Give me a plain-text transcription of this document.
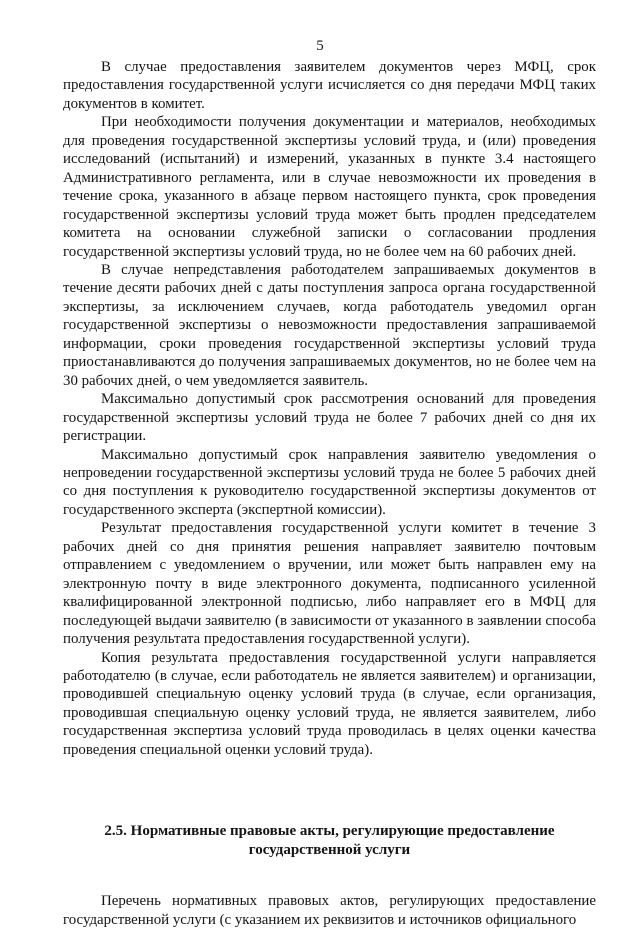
5

В случае предоставления заявителем документов через МФЦ, срок предоставления государственной услуги исчисляется со дня передачи МФЦ таких документов в комитет.

При необходимости получения документации и материалов, необходимых для проведения государственной экспертизы условий труда, и (или) проведения исследований (испытаний) и измерений, указанных в пункте 3.4 настоящего Административного регламента, или в случае невозможности их проведения в течение срока, указанного в абзаце первом настоящего пункта, срок проведения государственной экспертизы условий труда может быть продлен председателем комитета на основании служебной записки о согласовании продления государственной экспертизы условий труда, но не более чем на 60 рабочих дней.

В случае непредставления работодателем запрашиваемых документов в течение десяти рабочих дней с даты поступления запроса органа государственной экспертизы, за исключением случаев, когда работодатель уведомил орган государственной экспертизы о невозможности предоставления запрашиваемой информации, сроки проведения государственной экспертизы условий труда приостанавливаются до получения запрашиваемых документов, но не более чем на 30 рабочих дней, о чем уведомляется заявитель.

Максимально допустимый срок рассмотрения оснований для проведения государственной экспертизы условий труда не более 7 рабочих дней со дня их регистрации.

Максимально допустимый срок направления заявителю уведомления о непроведении государственной экспертизы условий труда не более 5 рабочих дней со дня поступления к руководителю государственной экспертизы документов от государственного эксперта (экспертной комиссии).

Результат предоставления государственной услуги комитет в течение 3 рабочих дней со дня принятия решения направляет заявителю почтовым отправлением с уведомлением о вручении, или может быть направлен ему на электронную почту в виде электронного документа, подписанного усиленной квалифицированной электронной подписью, либо направляет его в МФЦ для последующей выдачи заявителю (в зависимости от указанного в заявлении способа получения результата предоставления государственной услуги).

Копия результата предоставления государственной услуги направляется работодателю (в случае, если работодатель не является заявителем) и организации, проводившей специальную оценку условий труда (в случае, если организация, проводившая специальную оценку условий труда, не является заявителем, либо государственная экспертиза условий труда проводилась в целях оценки качества проведения специальной оценки условий труда).

2.5. Нормативные правовые акты, регулирующие предоставление
государственной услуги

Перечень нормативных правовых актов, регулирующих предоставление государственной услуги (с указанием их реквизитов и источников официального
